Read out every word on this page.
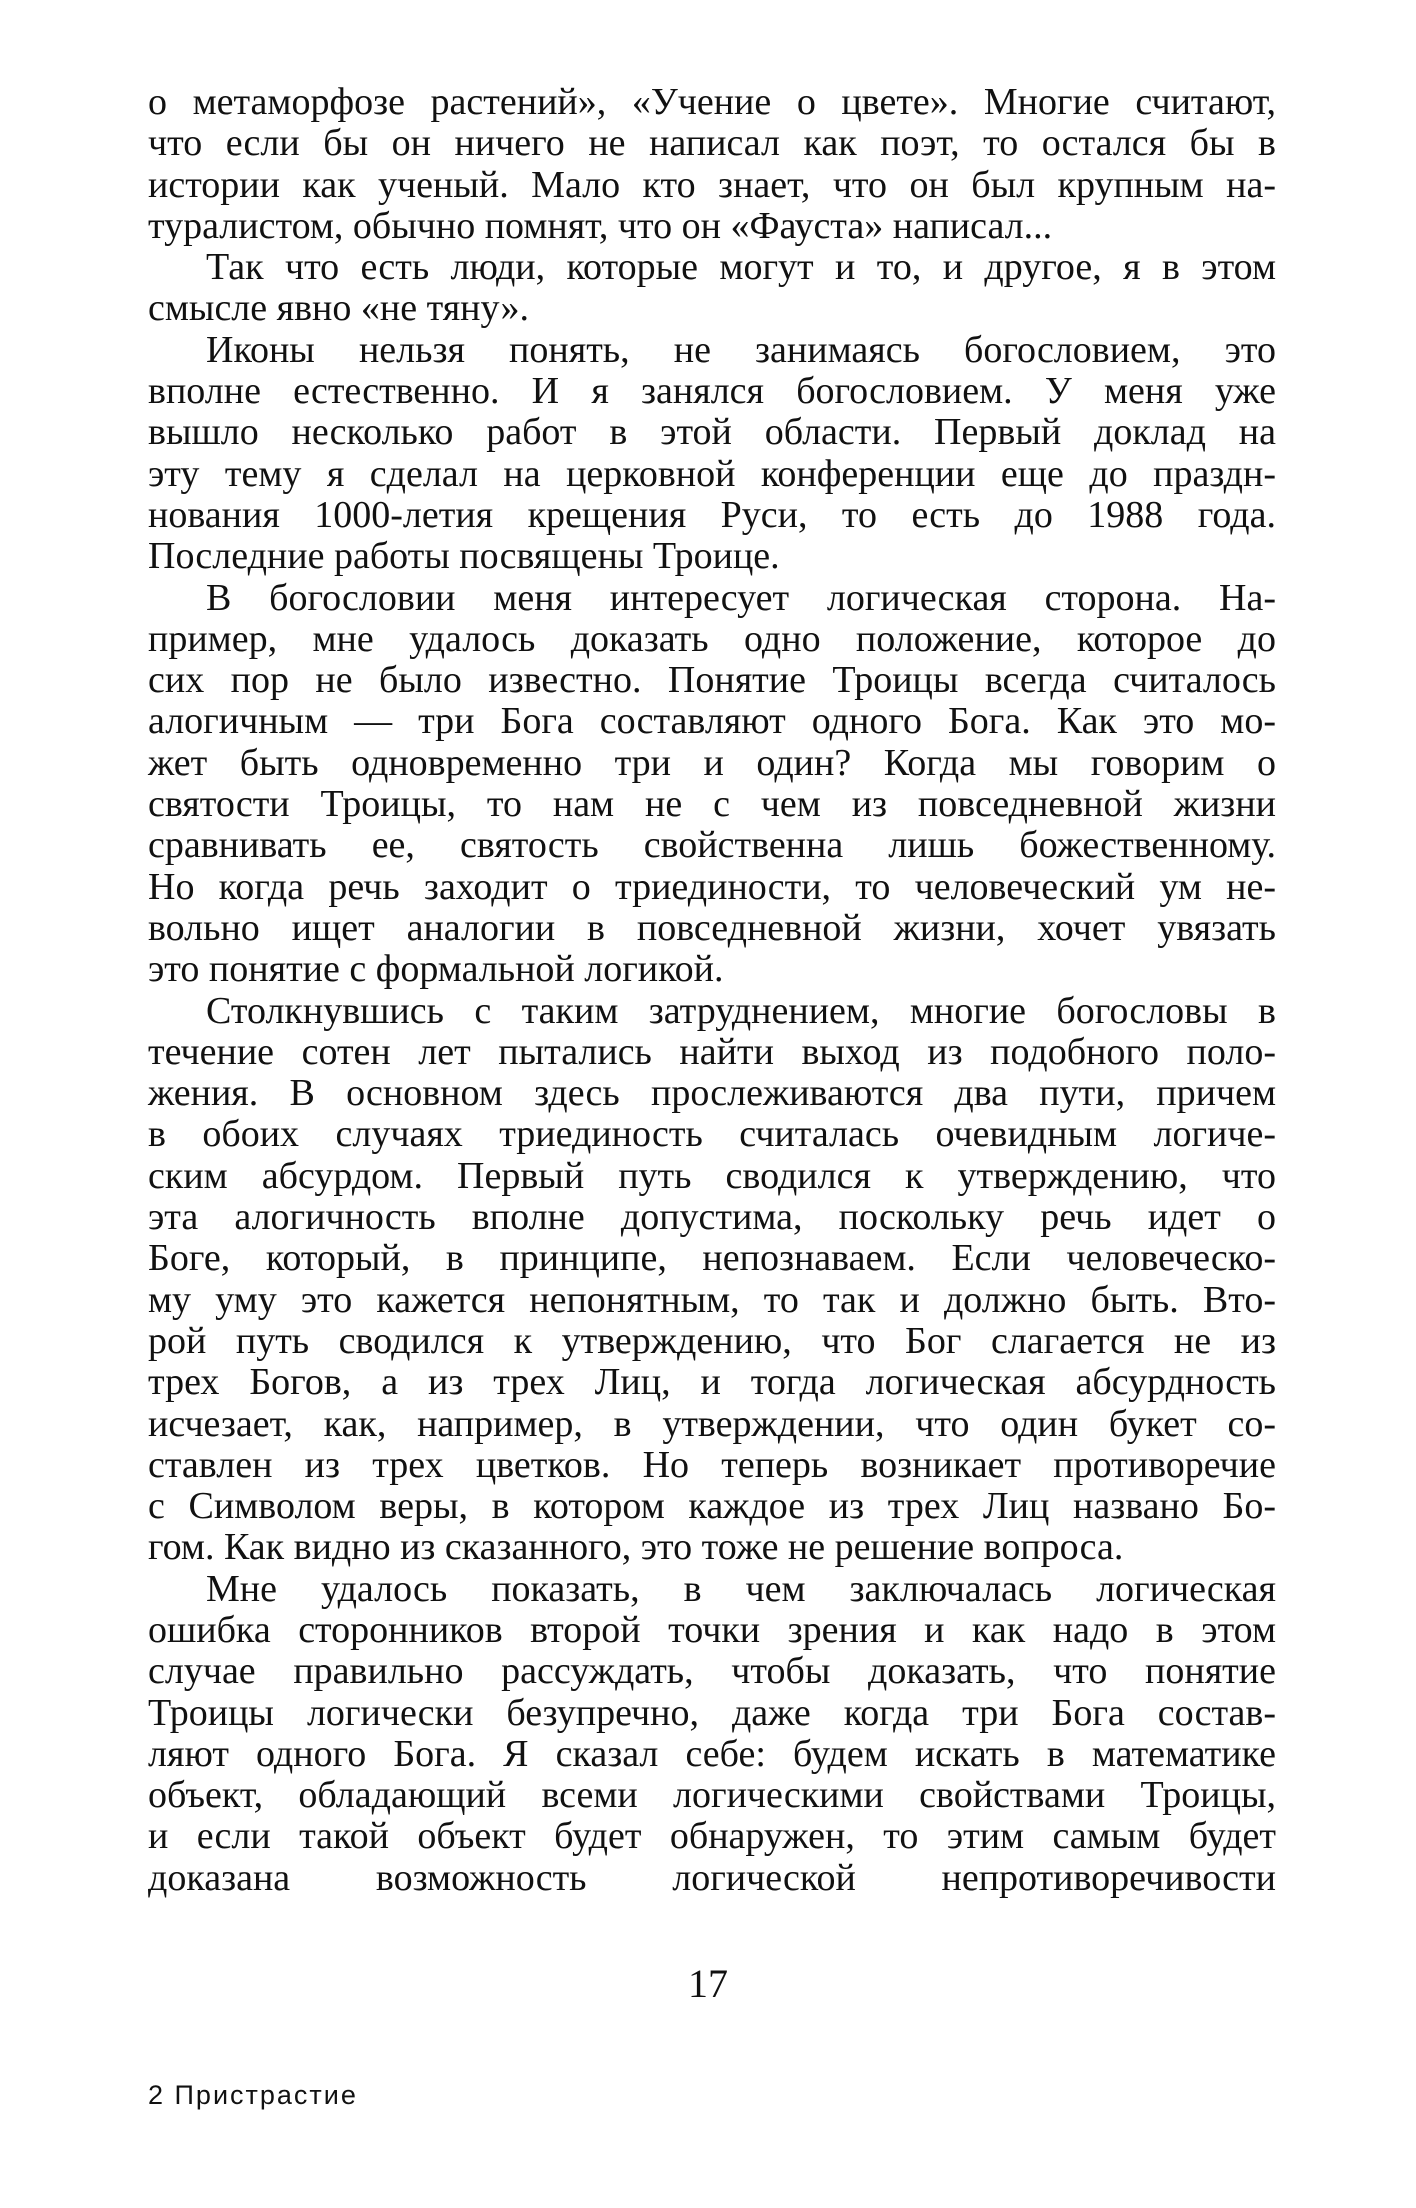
о метаморфозе растений», «Учение о цвете». Многие считают,
что если бы он ничего не написал как поэт, то остался бы в
истории как ученый. Мало кто знает, что он был крупным на-
туралистом, обычно помнят, что он «Фауста» написал...
Так что есть люди, которые могут и то, и другое, я в этом
смысле явно «не тяну».
Иконы нельзя понять, не занимаясь богословием, это
вполне естественно. И я занялся богословием. У меня уже
вышло несколько работ в этой области. Первый доклад на
эту тему я сделал на церковной конференции еще до праздн-
нования 1000-летия крещения Руси, то есть до 1988 года.
Последние работы посвящены Троице.
В богословии меня интересует логическая сторона. На-
пример, мне удалось доказать одно положение, которое до
сих пор не было известно. Понятие Троицы всегда считалось
алогичным — три Бога составляют одного Бога. Как это мо-
жет быть одновременно три и один? Когда мы говорим о
святости Троицы, то нам не с чем из повседневной жизни
сравнивать ее, святость свойственна лишь божественному.
Но когда речь заходит о триединости, то человеческий ум не-
вольно ищет аналогии в повседневной жизни, хочет увязать
это понятие с формальной логикой.
Столкнувшись с таким затруднением, многие богословы в
течение сотен лет пытались найти выход из подобного поло-
жения. В основном здесь прослеживаются два пути, причем
в обоих случаях триединость считалась очевидным логиче-
ским абсурдом. Первый путь сводился к утверждению, что
эта алогичность вполне допустима, поскольку речь идет о
Боге, который, в принципе, непознаваем. Если человеческо-
му уму это кажется непонятным, то так и должно быть. Вто-
рой путь сводился к утверждению, что Бог слагается не из
трех Богов, а из трех Лиц, и тогда логическая абсурдность
исчезает, как, например, в утверждении, что один букет со-
ставлен из трех цветков. Но теперь возникает противоречие
с Символом веры, в котором каждое из трех Лиц названо Бо-
гом. Как видно из сказанного, это тоже не решение вопроса.
Мне удалось показать, в чем заключалась логическая
ошибка сторонников второй точки зрения и как надо в этом
случае правильно рассуждать, чтобы доказать, что понятие
Троицы логически безупречно, даже когда три Бога состав-
ляют одного Бога. Я сказал себе: будем искать в математике
объект, обладающий всеми логическими свойствами Троицы,
и если такой объект будет обнаружен, то этим самым будет
доказана возможность логической непротиворечивости
17
2 Пристрастие
